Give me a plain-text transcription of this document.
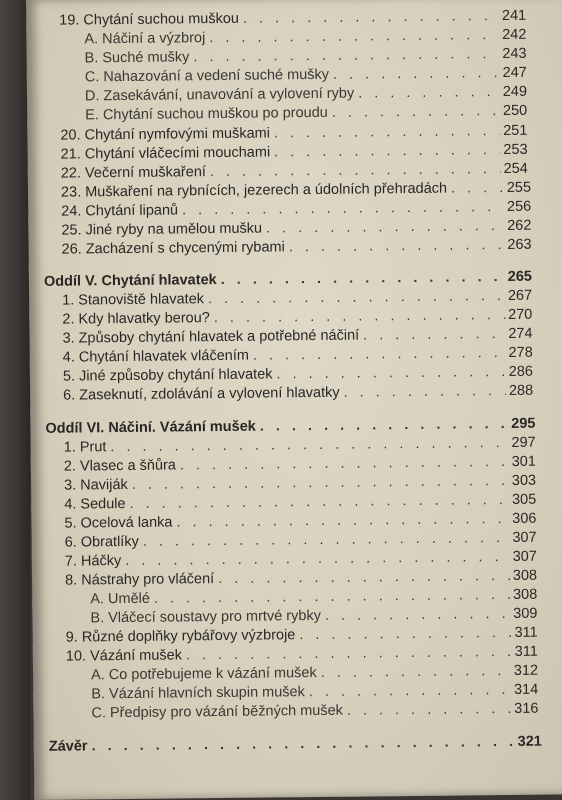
19. Chytání suchou muškou . . .	241
A. Náčiní a výzbroj . . .	242
B. Suché mušky . . .	243
C. Nahazování a vedení suché mušky . . .	247
D. Zasekávání, unavování a vylovení ryby . . .	249
E. Chytání suchou muškou po proudu . . .	250
20. Chytání nymfovými muškami . . .	251
21. Chytání vláčecími mouchami . . .	253
22. Večerní muškaření . . .	254
23. Muškaření na rybnících, jezerech a údolních přehradách . . .	255
24. Chytání lipanů . . .	256
25. Jiné ryby na umělou mušku . . .	262
26. Zacházení s chycenými rybami . . .	263
Oddíl V. Chytání hlavatek . . .	265
1. Stanoviště hlavatek . . .	267
2. Kdy hlavatky berou? . . .	270
3. Způsoby chytání hlavatek a potřebné náčiní . . .	274
4. Chytání hlavatek vláčením . . .	278
5. Jiné způsoby chytání hlavatek . . .	286
6. Zaseknutí, zdolávání a vylovení hlavatky . . .	288
Oddíl VI. Náčiní. Vázání mušek . . .	295
1. Prut . . .	297
2. Vlasec a šňůra . . .	301
3. Naviják . . .	303
4. Sedule . . .	305
5. Ocelová lanka . . .	306
6. Obratlíky . . .	307
7. Háčky . . .	307
8. Nástrahy pro vláčení . . .	308
A. Umělé . . .	308
B. Vláčecí soustavy pro mrtvé rybky . . .	309
9. Různé doplňky rybářovy výzbroje . . .	311
10. Vázání mušek . . .	311
A. Co potřebujeme k vázání mušek . . .	312
B. Vázání hlavních skupin mušek . . .	314
C. Předpisy pro vázání běžných mušek . . .	316
Závěr . . .	321
